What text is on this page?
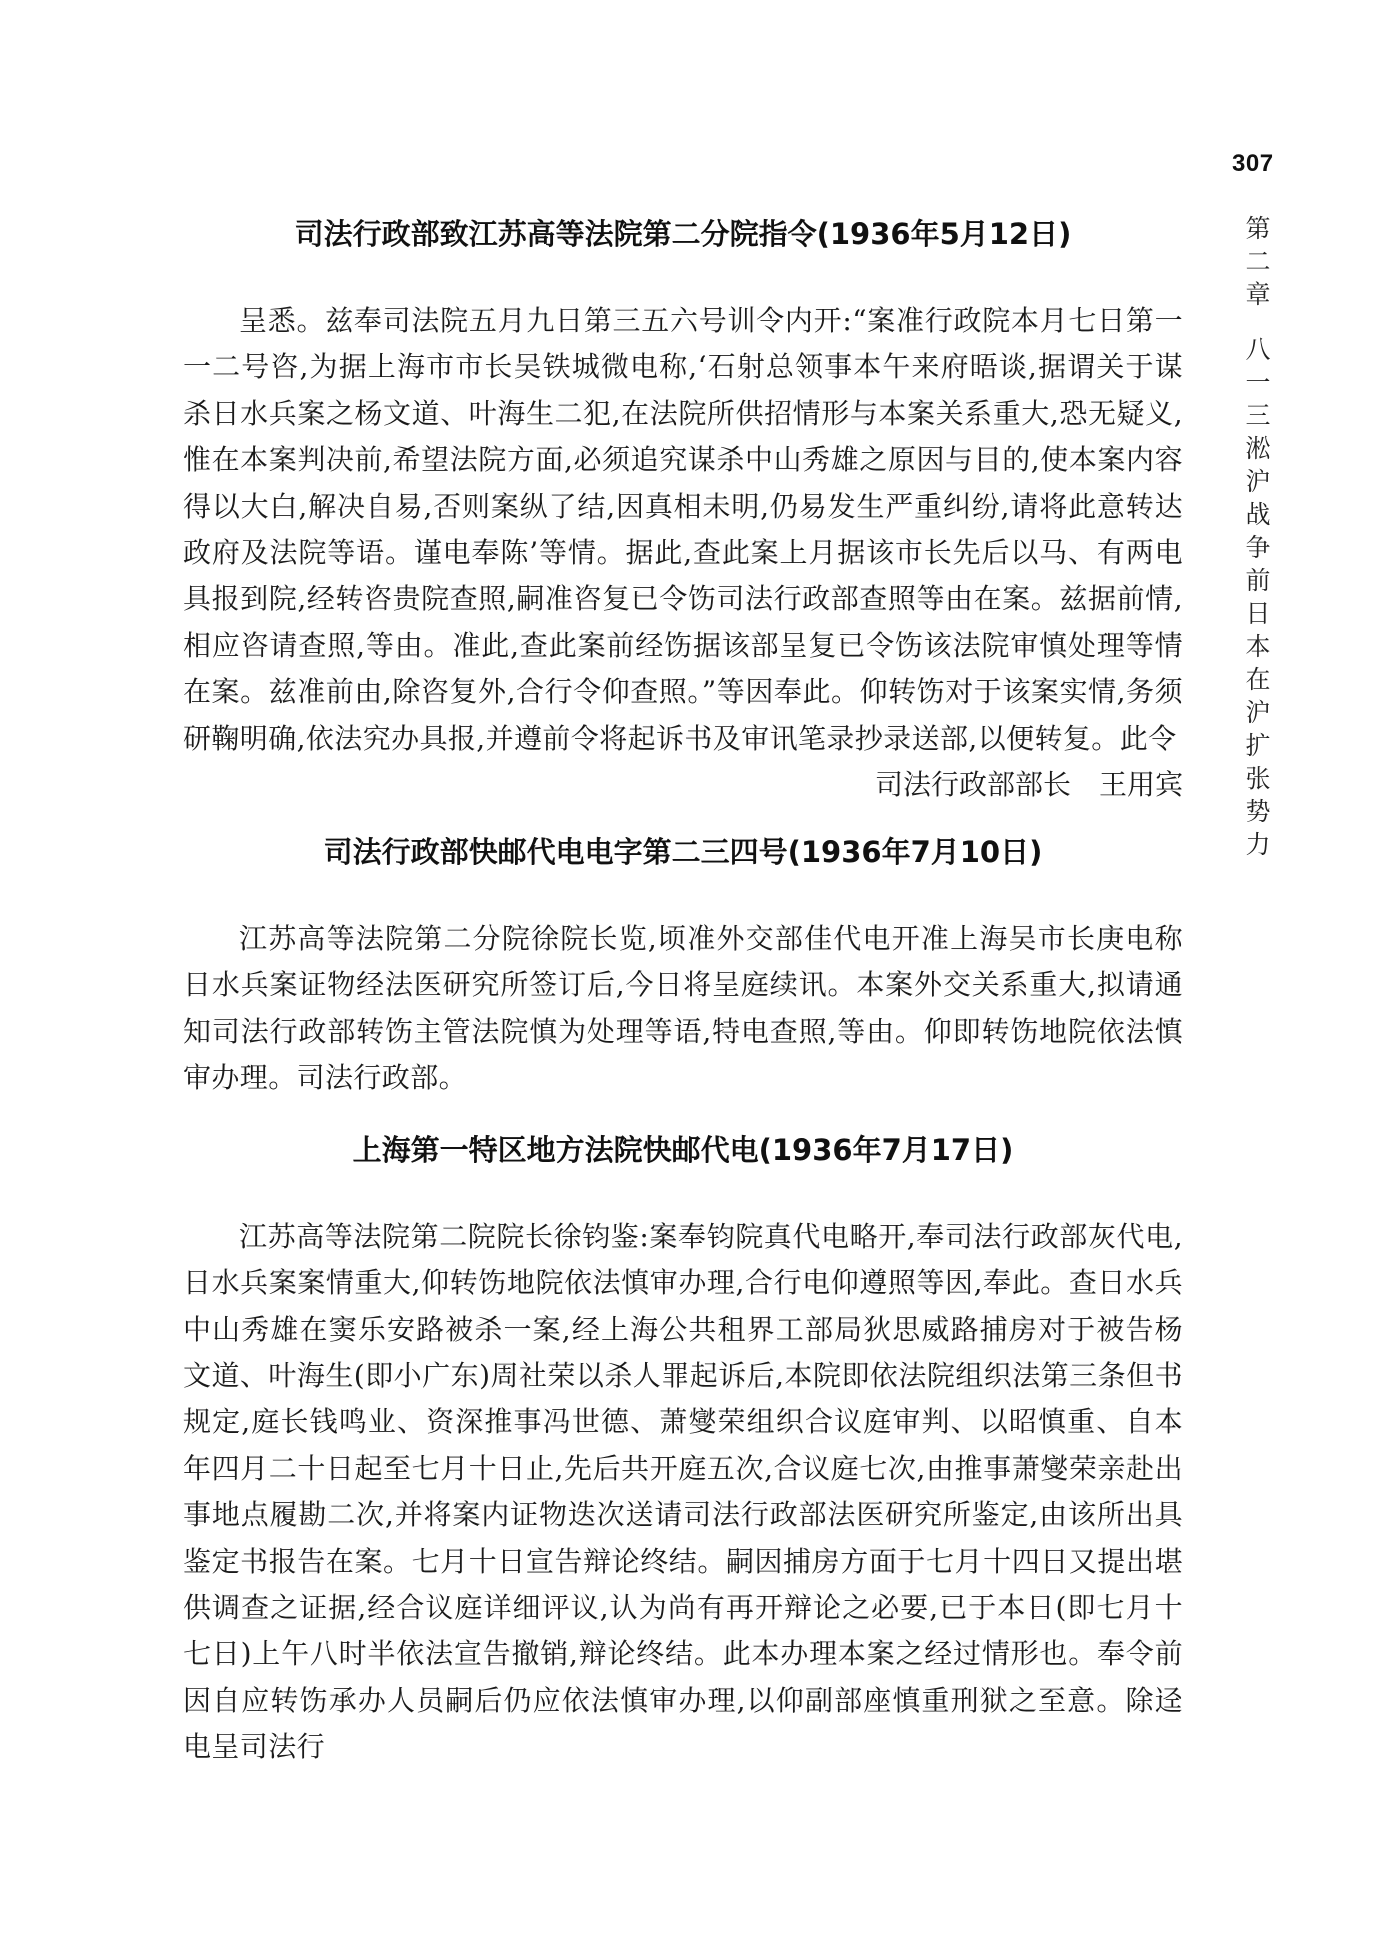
307
第二章
八一三淞沪战争前日本在沪扩张势力
司法行政部致江苏高等法院第二分院指令(1936年5月12日)

呈悉。兹奉司法院五月九日第三五六号训令内开:“案准行政院本月七日第一一二号咨,为据上海市市长吴铁城微电称,‘石射总领事本午来府晤谈,据谓关于谋杀日水兵案之杨文道、叶海生二犯,在法院所供招情形与本案关系重大,恐无疑义,惟在本案判决前,希望法院方面,必须追究谋杀中山秀雄之原因与目的,使本案内容得以大白,解决自易,否则案纵了结,因真相未明,仍易发生严重纠纷,请将此意转达政府及法院等语。谨电奉陈’等情。据此,查此案上月据该市长先后以马、有两电具报到院,经转咨贵院查照,嗣准咨复已令饬司法行政部查照等由在案。兹据前情,相应咨请查照,等由。准此,查此案前经饬据该部呈复已令饬该法院审慎处理等情在案。兹准前由,除咨复外,合行令仰查照。”等因奉此。仰转饬对于该案实情,务须研鞠明确,依法究办具报,并遵前令将起诉书及审讯笔录抄录送部,以便转复。此令

司法行政部部长 王用宾

司法行政部快邮代电电字第二三四号(1936年7月10日)

江苏高等法院第二分院徐院长览,顷准外交部佳代电开准上海吴市长庚电称日水兵案证物经法医研究所签订后,今日将呈庭续讯。本案外交关系重大,拟请通知司法行政部转饬主管法院慎为处理等语,特电查照,等由。仰即转饬地院依法慎审办理。司法行政部。

上海第一特区地方法院快邮代电(1936年7月17日)

江苏高等法院第二院院长徐钧鉴:案奉钧院真代电略开,奉司法行政部灰代电,日水兵案案情重大,仰转饬地院依法慎审办理,合行电仰遵照等因,奉此。查日水兵中山秀雄在窦乐安路被杀一案,经上海公共租界工部局狄思威路捕房对于被告杨文道、叶海生(即小广东)周社荣以杀人罪起诉后,本院即依法院组织法第三条但书规定,庭长钱鸣业、资深推事冯世德、萧燮荣组织合议庭审判、以昭慎重、自本年四月二十日起至七月十日止,先后共开庭五次,合议庭七次,由推事萧燮荣亲赴出事地点履勘二次,并将案内证物迭次送请司法行政部法医研究所鉴定,由该所出具鉴定书报告在案。七月十日宣告辩论终结。嗣因捕房方面于七月十四日又提出堪供调查之证据,经合议庭详细评议,认为尚有再开辩论之必要,已于本日(即七月十七日)上午八时半依法宣告撤销,辩论终结。此本办理本案之经过情形也。奉令前因自应转饬承办人员嗣后仍应依法慎审办理,以仰副部座慎重刑狱之至意。除迳电呈司法行
